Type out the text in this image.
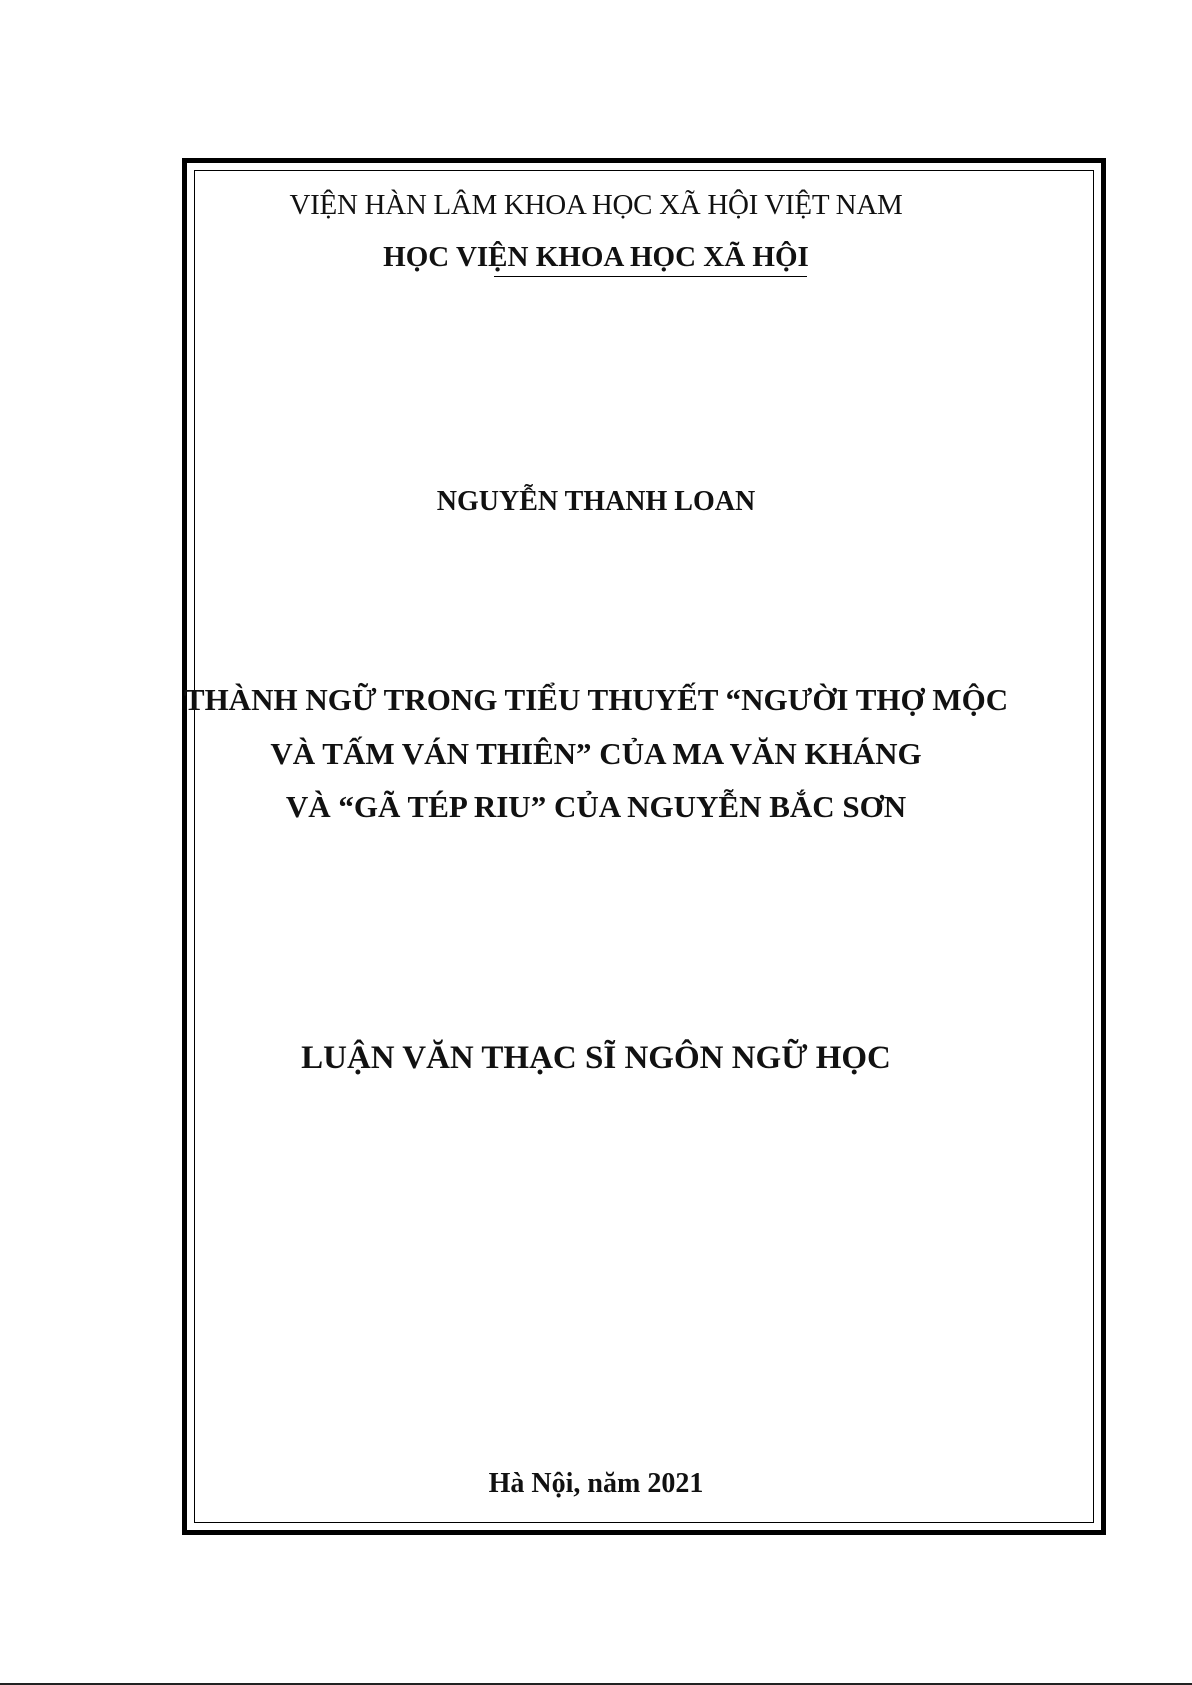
VIỆN HÀN LÂM KHOA HỌC XÃ HỘI VIỆT NAM
HỌC VIỆN KHOA HỌC XÃ HỘI
NGUYỄN THANH LOAN
THÀNH NGỮ TRONG TIỂU THUYẾT “NGƯỜI THỢ MỘC
VÀ TẤM VÁN THIÊN” CỦA MA VĂN KHÁNG
VÀ “GÃ TÉP RIU” CỦA NGUYỄN BẮC SƠN
LUẬN VĂN THẠC SĨ NGÔN NGỮ HỌC
Hà Nội, năm 2021
